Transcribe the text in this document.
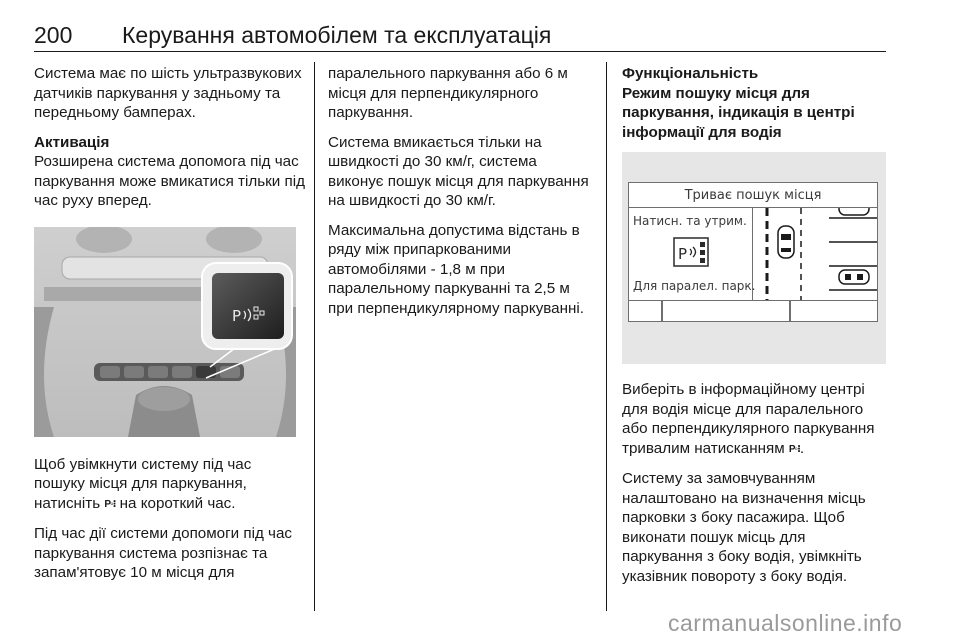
200 Керування автомобілем та експлуатація

Система має по шість ультразвукових датчиків паркування у задньому та передньому бамперах.

Активація

Розширена система допомога під час паркування може вмикатися тільки під час руху вперед.

P

Щоб увімкнути систему під час пошуку місця для паркування, натисніть P◦⁝ на короткий час.

Під час дії системи допомоги під час паркування система розпізнає та запам'ятовує 10 м місця для

паралельного паркування або 6 м місця для перпендикулярного паркування.

Система вмикається тільки на швидкості до 30 км/г, система виконує пошук місця для паркування на швидкості до 30 км/г.

Максимальна допустима відстань в ряду між припаркованими автомобілями - 1,8 м при паралельному паркуванні та 2,5 м при перпендикулярному паркуванні.

Функціональність
Режим пошуку місця для паркування, індикація в центрі інформації для водія
Триває пошук місця
Натисн. та утрим.
P
Для паралел. парк.

Виберіть в інформаційному центрі для водія місце для паралельного або перпендикулярного паркування тривалим натисканням P◦⁝.

Систему за замовчуванням налаштовано на визначення місць парковки з боку пасажира. Щоб виконати пошук місць для паркування з боку водія, увімкніть указівник повороту з боку водія.

carmanualsonline.info
